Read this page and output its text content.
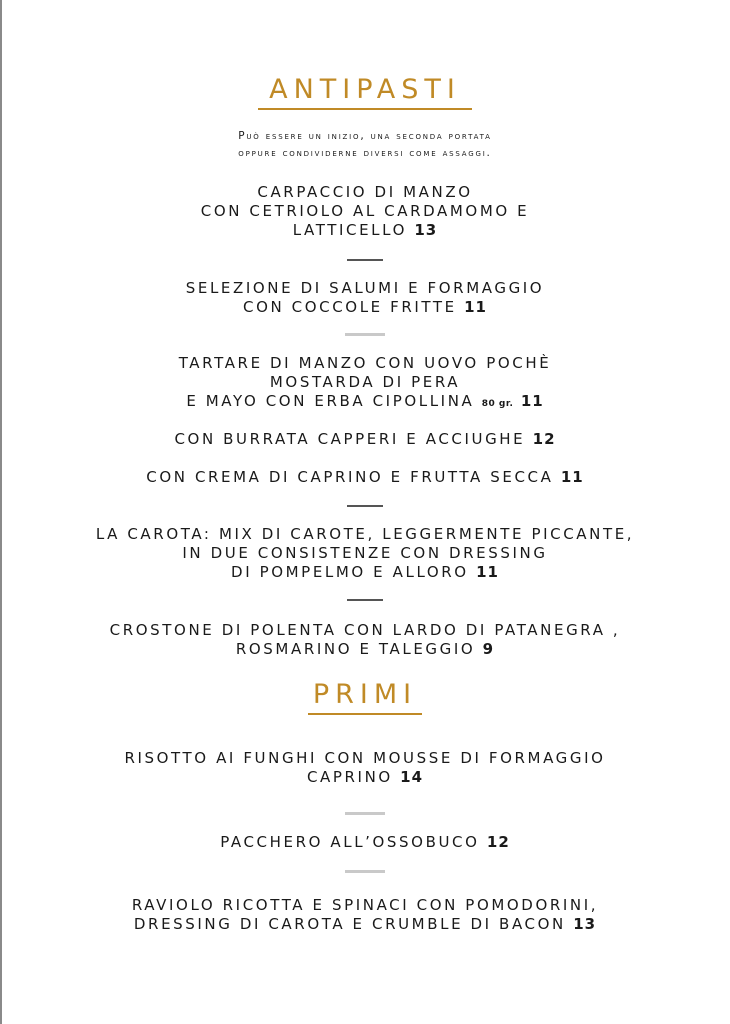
ANTIPASTI
Può essere un inizio, una seconda portata
oppure condividerne diversi come assaggi.
CARPACCIO DI MANZO
CON CETRIOLO AL CARDAMOMO E
LATTICELLO 13
SELEZIONE DI SALUMI E FORMAGGIO
CON COCCOLE FRITTE 11
TARTARE DI MANZO CON UOVO POCHÈ
MOSTARDA DI PERA
E MAYO CON ERBA CIPOLLINA 80 gr. 11
CON BURRATA CAPPERI E ACCIUGHE 12
CON CREMA DI CAPRINO E FRUTTA SECCA 11
LA CAROTA: MIX DI CAROTE, LEGGERMENTE PICCANTE,
IN DUE CONSISTENZE CON DRESSING
DI POMPELMO E ALLORO 11
CROSTONE DI POLENTA CON LARDO DI PATANEGRA ,
ROSMARINO E TALEGGIO 9
PRIMI
RISOTTO AI FUNGHI CON MOUSSE DI FORMAGGIO
CAPRINO 14
PACCHERO ALL’OSSOBUCO 12
RAVIOLO RICOTTA E SPINACI CON POMODORINI,
DRESSING DI CAROTA E CRUMBLE DI BACON 13
